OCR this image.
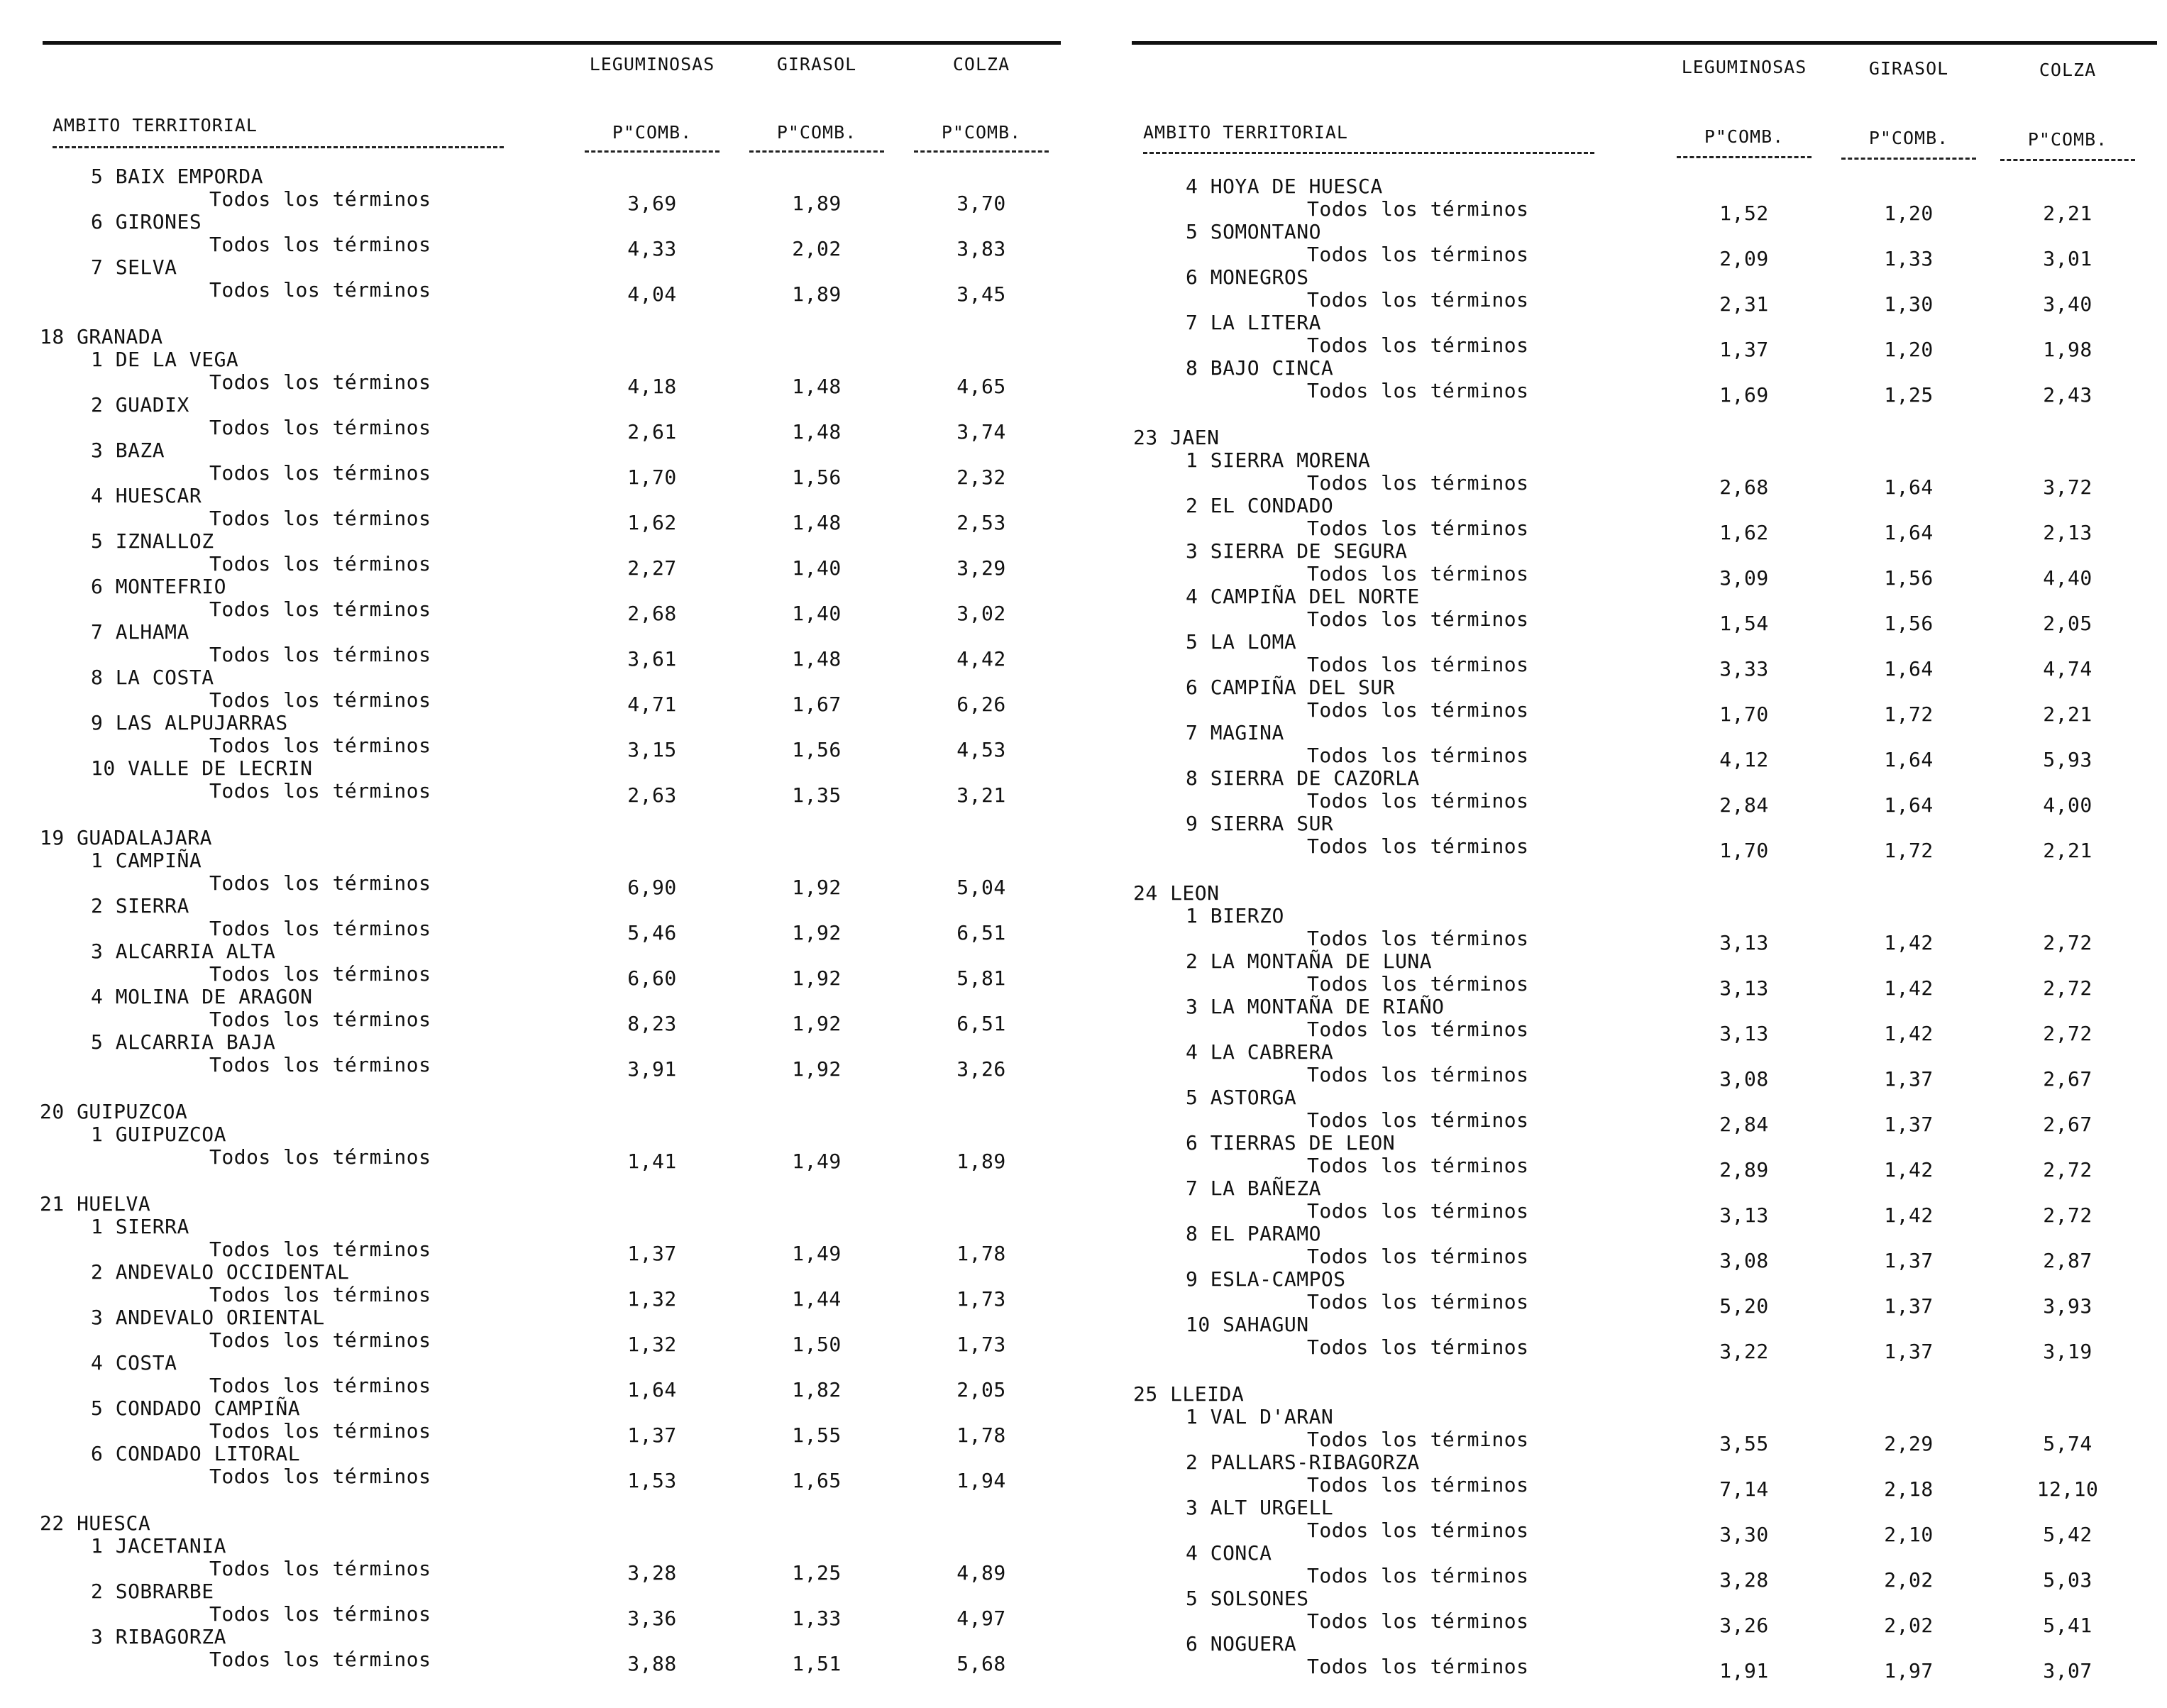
LEGUMINOSAS	GIRASOL	COLZA
AMBITO TERRITORIAL	P"COMB.	P"COMB.	P"COMB.
5 BAIX EMPORDA
Todos los términos	3,69	1,89	3,70
6 GIRONES
Todos los términos	4,33	2,02	3,83
7 SELVA
Todos los términos	4,04	1,89	3,45
18 GRANADA
1 DE LA VEGA
Todos los términos	4,18	1,48	4,65
2 GUADIX
Todos los términos	2,61	1,48	3,74
3 BAZA
Todos los términos	1,70	1,56	2,32
4 HUESCAR
Todos los términos	1,62	1,48	2,53
5 IZNALLOZ
Todos los términos	2,27	1,40	3,29
6 MONTEFRIO
Todos los términos	2,68	1,40	3,02
7 ALHAMA
Todos los términos	3,61	1,48	4,42
8 LA COSTA
Todos los términos	4,71	1,67	6,26
9 LAS ALPUJARRAS
Todos los términos	3,15	1,56	4,53
10 VALLE DE LECRIN
Todos los términos	2,63	1,35	3,21
19 GUADALAJARA
1 CAMPIÑA
Todos los términos	6,90	1,92	5,04
2 SIERRA
Todos los términos	5,46	1,92	6,51
3 ALCARRIA ALTA
Todos los términos	6,60	1,92	5,81
4 MOLINA DE ARAGON
Todos los términos	8,23	1,92	6,51
5 ALCARRIA BAJA
Todos los términos	3,91	1,92	3,26
20 GUIPUZCOA
1 GUIPUZCOA
Todos los términos	1,41	1,49	1,89
21 HUELVA
1 SIERRA
Todos los términos	1,37	1,49	1,78
2 ANDEVALO OCCIDENTAL
Todos los términos	1,32	1,44	1,73
3 ANDEVALO ORIENTAL
Todos los términos	1,32	1,50	1,73
4 COSTA
Todos los términos	1,64	1,82	2,05
5 CONDADO CAMPIÑA
Todos los términos	1,37	1,55	1,78
6 CONDADO LITORAL
Todos los términos	1,53	1,65	1,94
22 HUESCA
1 JACETANIA
Todos los términos	3,28	1,25	4,89
2 SOBRARBE
Todos los términos	3,36	1,33	4,97
3 RIBAGORZA
Todos los términos	3,88	1,51	5,68
LEGUMINOSAS	GIRASOL	COLZA
AMBITO TERRITORIAL	P"COMB.	P"COMB.	P"COMB.
4 HOYA DE HUESCA
Todos los términos	1,52	1,20	2,21
5 SOMONTANO
Todos los términos	2,09	1,33	3,01
6 MONEGROS
Todos los términos	2,31	1,30	3,40
7 LA LITERA
Todos los términos	1,37	1,20	1,98
8 BAJO CINCA
Todos los términos	1,69	1,25	2,43
23 JAEN
1 SIERRA MORENA
Todos los términos	2,68	1,64	3,72
2 EL CONDADO
Todos los términos	1,62	1,64	2,13
3 SIERRA DE SEGURA
Todos los términos	3,09	1,56	4,40
4 CAMPIÑA DEL NORTE
Todos los términos	1,54	1,56	2,05
5 LA LOMA
Todos los términos	3,33	1,64	4,74
6 CAMPIÑA DEL SUR
Todos los términos	1,70	1,72	2,21
7 MAGINA
Todos los términos	4,12	1,64	5,93
8 SIERRA DE CAZORLA
Todos los términos	2,84	1,64	4,00
9 SIERRA SUR
Todos los términos	1,70	1,72	2,21
24 LEON
1 BIERZO
Todos los términos	3,13	1,42	2,72
2 LA MONTAÑA DE LUNA
Todos los términos	3,13	1,42	2,72
3 LA MONTAÑA DE RIAÑO
Todos los términos	3,13	1,42	2,72
4 LA CABRERA
Todos los términos	3,08	1,37	2,67
5 ASTORGA
Todos los términos	2,84	1,37	2,67
6 TIERRAS DE LEON
Todos los términos	2,89	1,42	2,72
7 LA BAÑEZA
Todos los términos	3,13	1,42	2,72
8 EL PARAMO
Todos los términos	3,08	1,37	2,87
9 ESLA-CAMPOS
Todos los términos	5,20	1,37	3,93
10 SAHAGUN
Todos los términos	3,22	1,37	3,19
25 LLEIDA
1 VAL D'ARAN
Todos los términos	3,55	2,29	5,74
2 PALLARS-RIBAGORZA
Todos los términos	7,14	2,18	12,10
3 ALT URGELL
Todos los términos	3,30	2,10	5,42
4 CONCA
Todos los términos	3,28	2,02	5,03
5 SOLSONES
Todos los términos	3,26	2,02	5,41
6 NOGUERA
Todos los términos	1,91	1,97	3,07
